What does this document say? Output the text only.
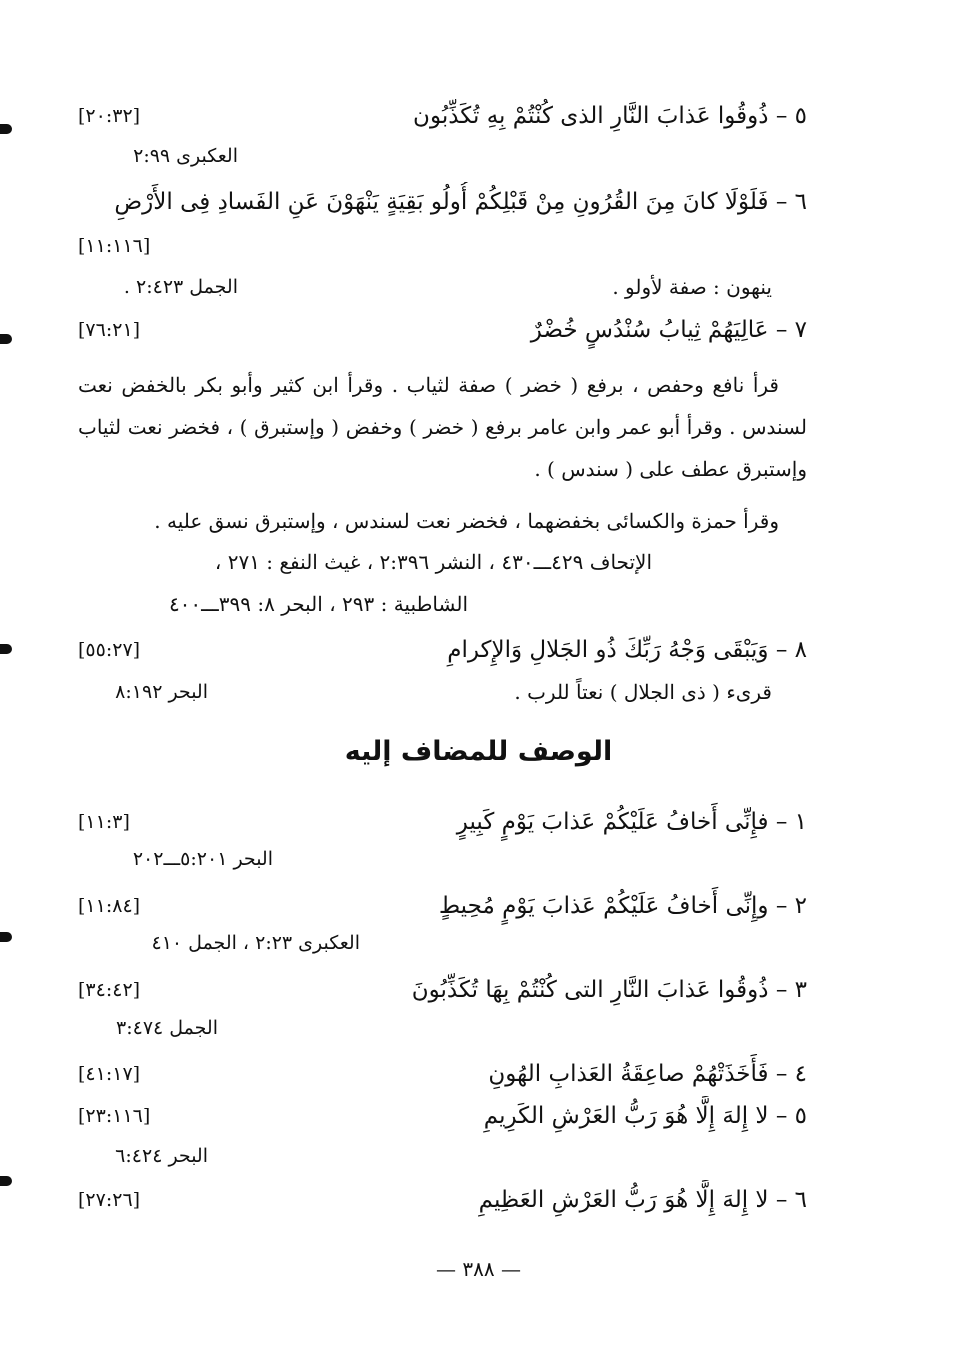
٥ – ذُوقُوا عَذابَ النَّارِ الذى كُنْتُمْ بِهِ تُكَذِّبُون
[٢٠:٣٢]
العكبرى ٢:٩٩
٦ – فَلَوْلَا كانَ مِنَ القُرُونِ مِنْ قَبْلِكُمْ أُولُو بَقِيَةٍ يَنْهَوْنَ عَنِ الفَسادِ فِى الأَرْضِ
[١١:١١٦]
ينهون : صفة لأولو .
الجمل ٢:٤٢٣ .
٧ – عَالِيَهُمْ ثِيابُ سُنْدُسٍ خُضْرٌ
[٧٦:٢١]
قرأ نافع وحفص ، برفع ( خضر ) صفة لثياب . وقرأ ابن كثير وأبو بكر بالخفض نعت لسندس . وقرأ أبو عمر وابن عامر برفع ( خضر ) وخفض ( وإستبرق ) ، فخضر نعت لثياب وإستبرق عطف على ( سندس ) .
وقرأ حمزة والكسائى بخفضهما ، فخضر نعت لسندس ، وإستبرق نسق عليه .
الإتحاف ٤٢٩ـــ٤٣٠ ، النشر ٢:٣٩٦ ، غيث النفع : ٢٧١ ،
الشاطبية : ٢٩٣ ، البحر ٨: ٣٩٩ـــ٤٠٠
٨ – وَيَبْقَى وَجْهُ رَبِّكَ ذُو الجَلالِ وَالإِكرامِ
[٥٥:٢٧]
قرىء ( ذى الجلال ) نعتاً للرب .
البحر ٨:١٩٢
الوصف للمضاف إليه
١ – فإِنِّى أَخافُ عَلَيْكُمْ عَذابَ يَوْمٍ كَبِيرٍ
[١١:٣]
البحر ٥:٢٠١ـــ٢٠٢
٢ – وإِنِّى أَخافُ عَلَيْكُمْ عَذابَ يَوْمٍ مُحِيطٍ
[١١:٨٤]
العكبرى ٢:٢٣ ، الجمل ٤١٠
٣ – ذُوقُوا عَذابَ النَّارِ التى كُنْتُمْ بِهَا تُكَذِّبُونَ
[٣٤:٤٢]
الجمل ٣:٤٧٤
٤ – فَأَخَذَتْهُمْ صاعِقَةُ العَذابِ الهُونِ
[٤١:١٧]
٥ – لا إِلهَ إِلَّا هُوَ رَبُّ العَرْشِ الكَرِيمِ
[٢٣:١١٦]
البحر ٦:٤٢٤
٦ – لا إِلهَ إِلَّا هُوَ رَبُّ العَرْشِ العَظِيمِ
[٢٧:٢٦]
— ٣٨٨ —
